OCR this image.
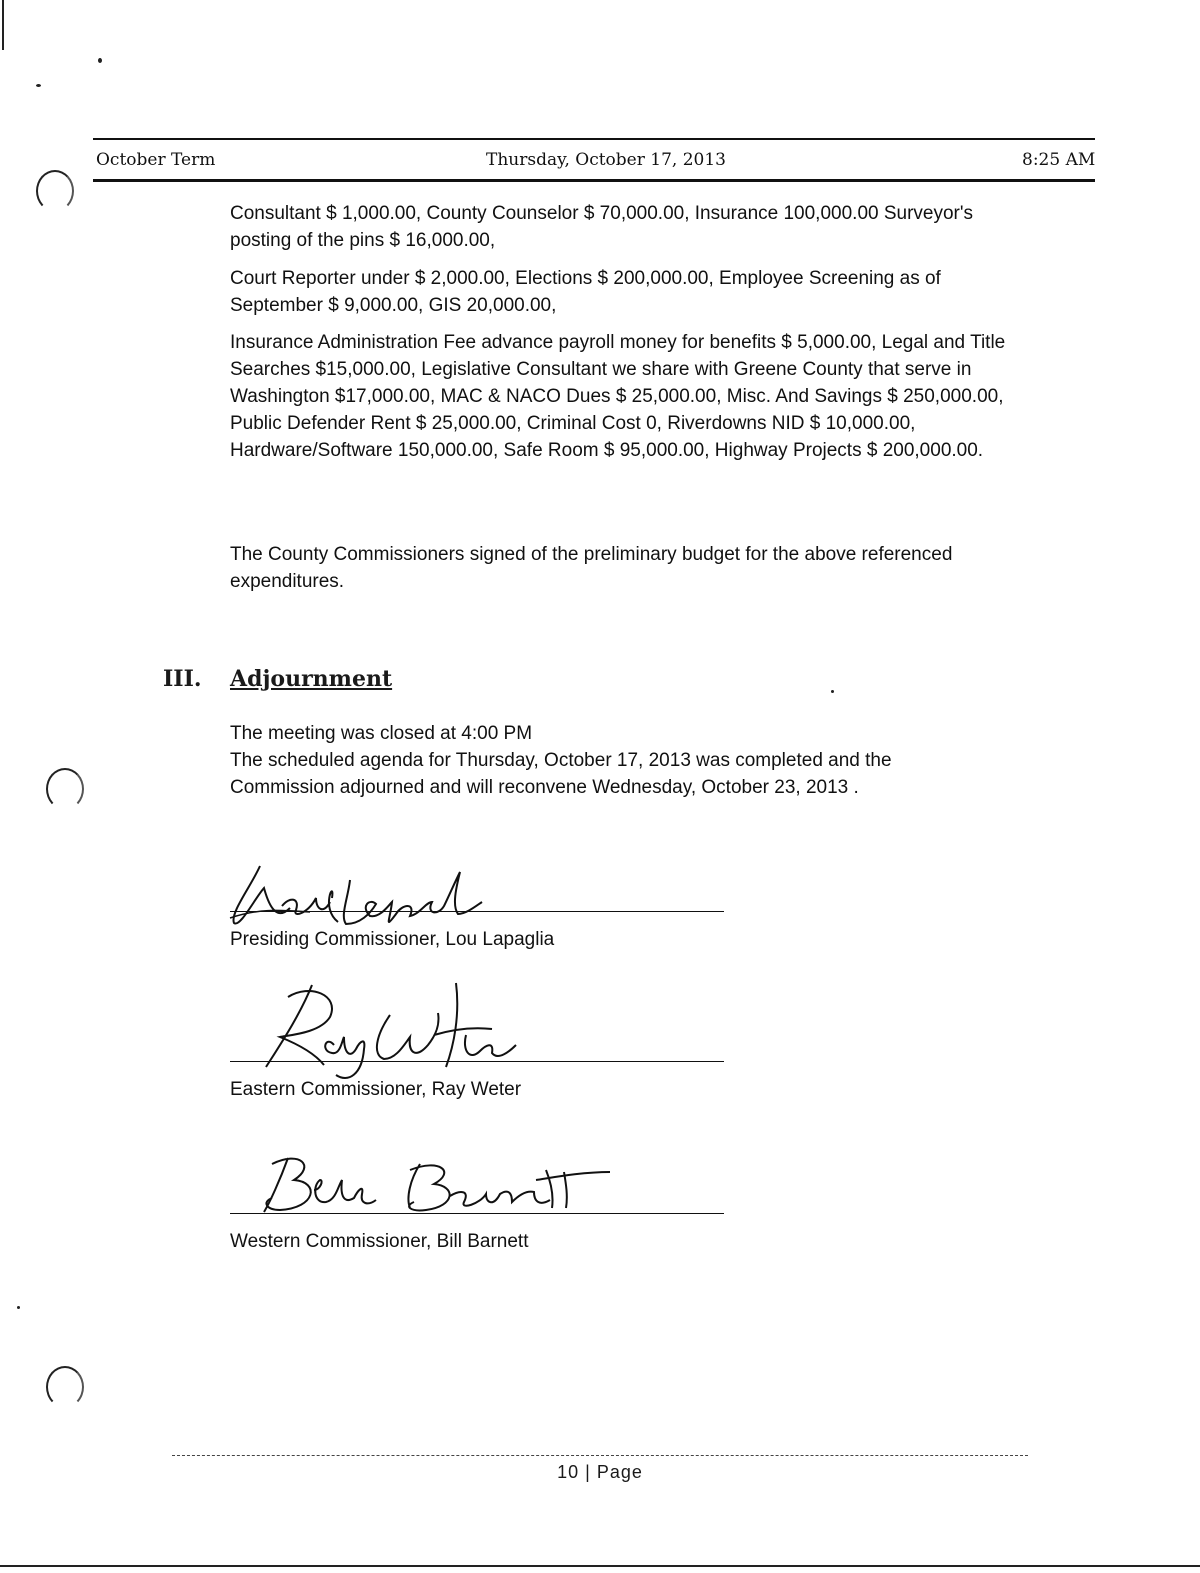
October Term	Thursday, October 17, 2013	8:25 AM

Consultant $ 1,000.00, County Counselor $ 70,000.00, Insurance 100,000.00 Surveyor's posting of the pins $ 16,000.00,

Court Reporter under $ 2,000.00, Elections $ 200,000.00, Employee Screening as of September $ 9,000.00, GIS 20,000.00,

Insurance Administration Fee advance payroll money for benefits $ 5,000.00, Legal and Title Searches $15,000.00, Legislative Consultant we share with Greene County that serve in Washington $17,000.00, MAC & NACO Dues $ 25,000.00, Misc. And Savings $ 250,000.00, Public Defender Rent $ 25,000.00, Criminal Cost 0, Riverdowns NID $ 10,000.00, Hardware/Software 150,000.00, Safe Room $ 95,000.00, Highway Projects $ 200,000.00.

The County Commissioners signed of the preliminary budget for the above referenced expenditures.

III. Adjournment

The meeting was closed at 4:00 PM

The scheduled agenda for Thursday, October 17, 2013 was completed and the Commission adjourned and will reconvene Wednesday, October 23, 2013 .

Presiding Commissioner, Lou Lapaglia
Eastern Commissioner, Ray Weter
Western Commissioner, Bill Barnett
10 | Page
